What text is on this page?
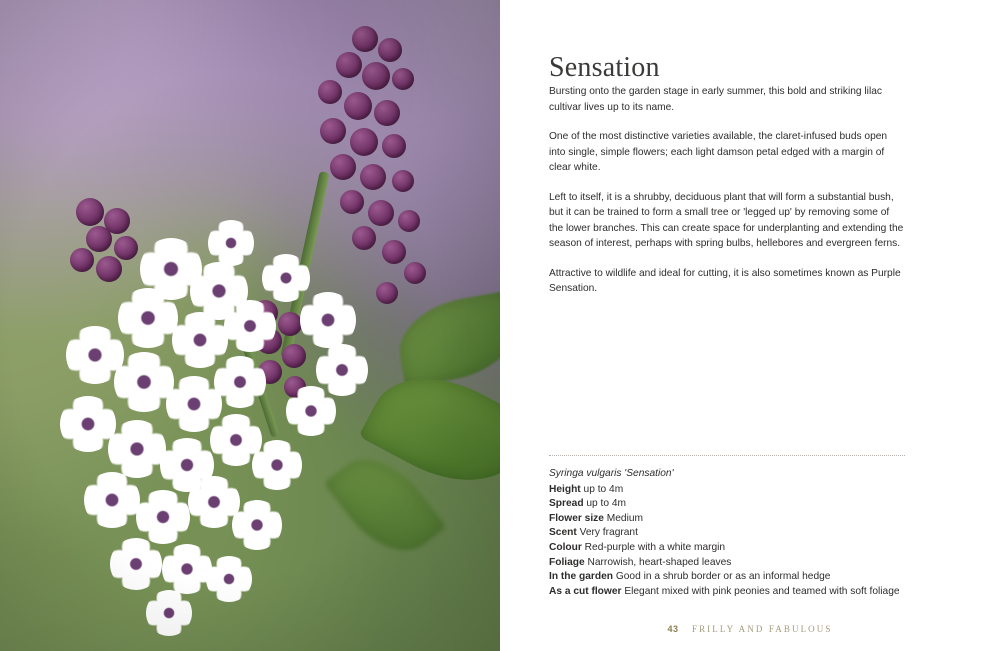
Sensation

Bursting onto the garden stage in early summer, this bold and striking lilac cultivar lives up to its name.

One of the most distinctive varieties available, the claret-infused buds open into single, simple flowers; each light damson petal edged with a margin of clear white.

Left to itself, it is a shrubby, deciduous plant that will form a substantial bush, but it can be trained to form a small tree or 'legged up' by removing some of the lower branches. This can create space for underplanting and extending the season of interest, perhaps with spring bulbs, hellebores and evergreen ferns.

Attractive to wildlife and ideal for cutting, it is also sometimes known as Purple Sensation.

Syringa vulgaris 'Sensation'
Height up to 4m
Spread up to 4m
Flower size Medium
Scent Very fragrant
Colour Red-purple with a white margin
Foliage Narrowish, heart-shaped leaves
In the garden Good in a shrub border or as an informal hedge
As a cut flower Elegant mixed with pink peonies and teamed with soft foliage
43 FRILLY AND FABULOUS
